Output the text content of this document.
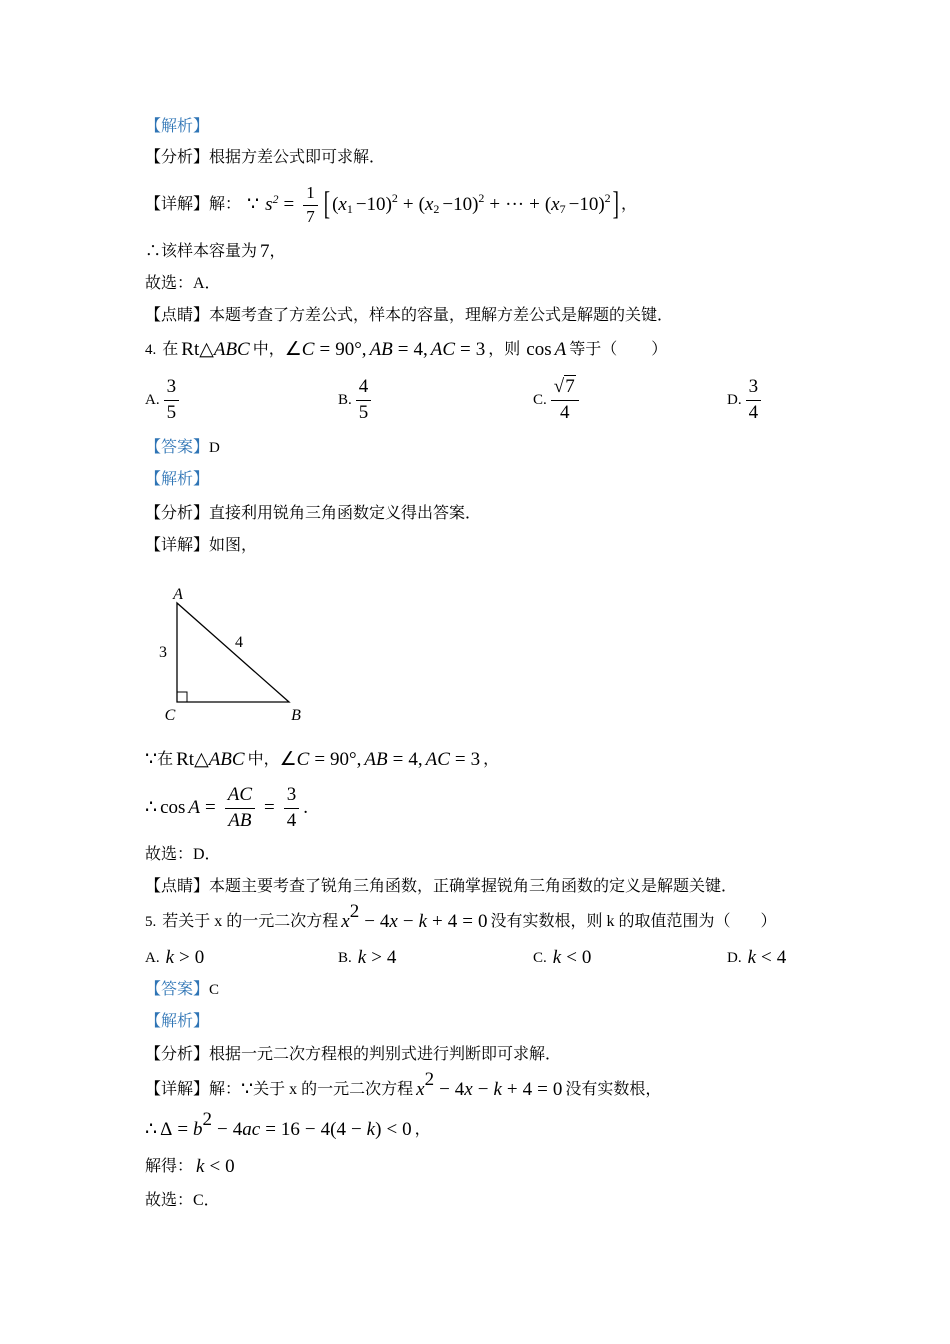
【解析】
【分析】 根据方差公式即可求解．
【详解】 解： ∵ $s^2 = \frac{1}{7}$ [ ( $x_1 -10$ )$^2$ + ( $x_2 -10$ )$^2$ + ··· + ( $x_7 -10$ )$^2$ ] ，
∴该样本容量为 7 ，
故选：A．
【点睛】 本题考查了方差公式，样本的容量，理解方差公式是解题的关键．
4. 在 Rt △ ABC 中， ∠ C = 90°, AB = 4, AC = 3 ，则 cos A 等于（ ）
A. $\frac{3}{5}$	B. $\frac{4}{5}$	C. $\frac{√7}{4}$	D. $\frac{3}{4}$
【答案】 D
【解析】
【分析】 直接利用锐角三角函数定义得出答案．
【详解】 如图，
A
C	B
3
4
∵ 在 Rt △ ABC 中， ∠ C = 90°, AB = 4, AC = 3 ，
∴ $\cos A = \frac{AC}{AB} = \frac{3}{4}$ .
故选：D．
【点睛】 本题主要考查了锐角三角函数，正确掌握锐角三角函数的定义是解题关键．
5. 若关于 x 的一元二次方程 $x^2 - 4$ x − k + 4 = 0 没有实数根，则 k 的取值范围为（ ）
A. k > 0	B. k > 4	C. k < 0	D. k < 4
【答案】 C
【解析】
【分析】 根据一元二次方程根的判别式进行判断即可求解．
【详解】 解： ∵ 关于 x 的一元二次方程 $x^2 - 4$ x − k + 4 = 0 没有实数根，
∴ $\Delta = b^2 - 4$ ac = 16 − 4 ( 4 − k ) < 0 ，
解得： k < 0
故选：C．
